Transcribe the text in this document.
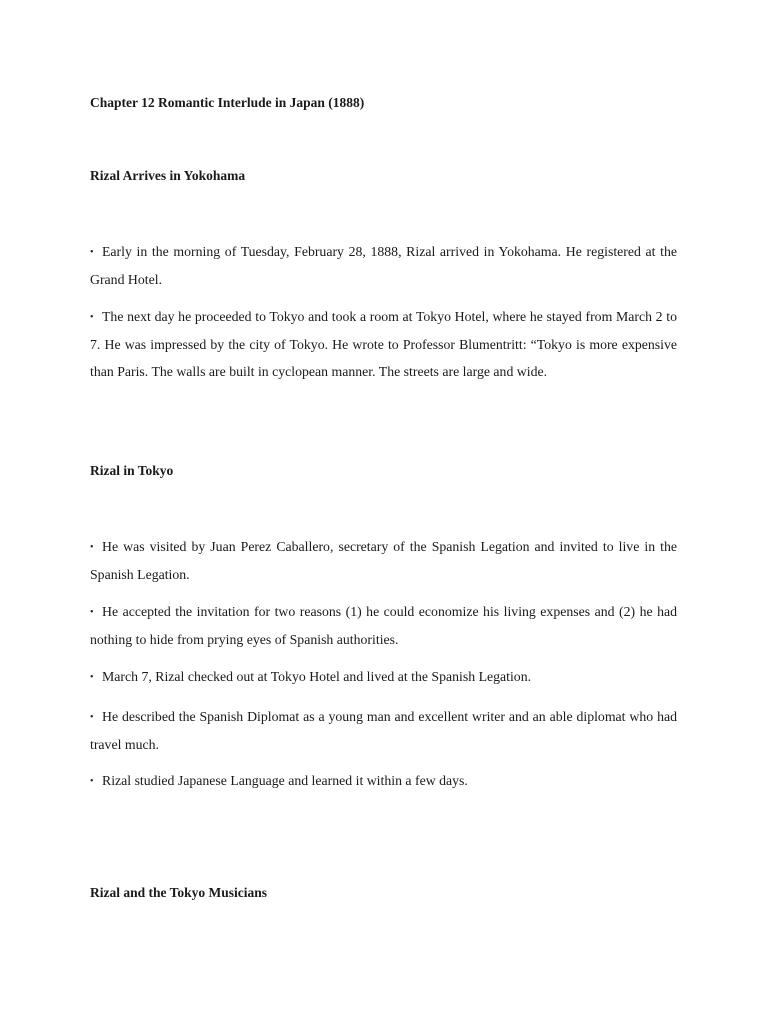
Chapter 12 Romantic Interlude in Japan (1888)

Rizal Arrives in Yokohama

• Early in the morning of Tuesday, February 28, 1888, Rizal arrived in Yokohama. He registered at the Grand Hotel.

• The next day he proceeded to Tokyo and took a room at Tokyo Hotel, where he stayed from March 2 to 7. He was impressed by the city of Tokyo. He wrote to Professor Blumentritt: “Tokyo is more expensive than Paris. The walls are built in cyclopean manner. The streets are large and wide.

Rizal in Tokyo

• He was visited by Juan Perez Caballero, secretary of the Spanish Legation and invited to live in the Spanish Legation.

• He accepted the invitation for two reasons (1) he could economize his living expenses and (2) he had nothing to hide from prying eyes of Spanish authorities.

• March 7, Rizal checked out at Tokyo Hotel and lived at the Spanish Legation.

• He described the Spanish Diplomat as a young man and excellent writer and an able diplomat who had travel much.

• Rizal studied Japanese Language and learned it within a few days.

Rizal and the Tokyo Musicians
